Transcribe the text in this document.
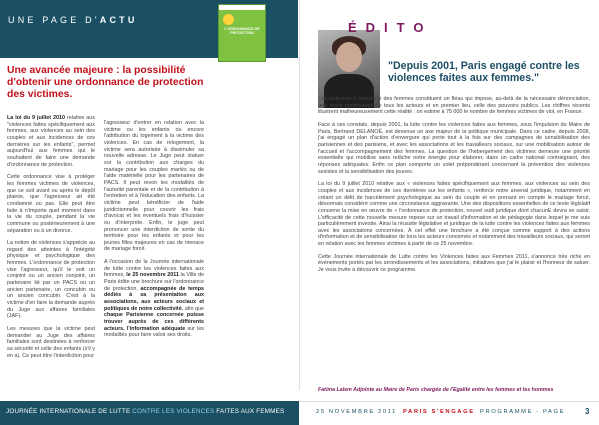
UNE PAGE D'ACTU
L'ORDONNANCE DE PROTECTION
Une avancée majeure : la possibilité d'obtenir une ordonnance de protection des victimes.

La loi du 9 juillet 2010 relative aux "violences faites spécifiquement aux femmes, aux violences au sein des couples et aux incidences de ces dernières sur les enfants", permet aujourd'hui aux femmes qui le souhaitent de faire une demande d'ordonnance de protection.

Cette ordonnance vise à protéger les femmes victimes de violences, que ce soit avant ou après le dépôt plainte, que l'agresseur ait été condamné ou pas. Elle peut être faite à n'importe quel moment dans la vie du couple, pendant la vie commune ou postérieurement à une séparation ou à un divorce.

La notion de violences s'apprécie au regard des atteintes à l'intégrité physique et psychologique des femmes. L'ordonnance de protection vise l'agresseur, qu'il le soit un conjoint ou un ancien conjoint, un partenaire lié par un PACS ou un ancien partenaire, un concubin ou un ancien concubin. C'est à la victime d'en faire la demande auprès du Juge aux affaires familiales (JAF).

Les mesures que la victime peut demander au Juge des affaires familiales sont destinées à renforcer sa sécurité et celle des enfants (s'il y en a). Ce peut être l'interdiction pour

l'agresseur d'entrer en relation avec la victime ou les enfants ou encore l'attribution du logement à la victime des violences. En cas de relogement, la victime sera autorisée à dissimuler sa nouvelle adresse. Le Juge peut statuer sur la contribution aux charges du mariage pour les couples mariés ou de l'aide matérielle pour les partenaires de PACS. Il peut revoir les modalités de l'autorité parentale et de la contribution à l'entretien et à l'éducation des enfants. La victime peut bénéficier de l'aide juridictionnelle pour couvrir les frais d'avocat et les éventuels frais d'huissier ou d'interprète. Enfin, le juge peut prononcer une interdiction de sortie du territoire pour les enfants et pour les jeunes filles majeures en cas de menace de mariage forcé.

A l'occasion de la Journée internationale de lutte contre les violences faites aux femmes, le 25 novembre 2011 la Ville de Paris édite une brochure sur l'ordonnance de protection, accompagnée de temps dédiés à sa présentation aux associations, aux acteurs sociaux et politiques de notre collectivité, afin que chaque Parisienne concernée puisse trouver auprès de ces différents acteurs, l'information adéquate sur les modalités pour faire valoir ses droits.

ÉDITO
"Depuis 2001, Paris engagé contre les violences faites aux femmes."

Les violences à l'encontre des femmes constituent un fléau qui impose, au-delà de la nécessaire dénonciation, une réelle mobilisation de tous les acteurs et en premier lieu, celle des pouvoirs publics. Les chiffres récents illustrent malheureusement cette réalité : on estime à 75 000 le nombre de femmes victimes de viol, en France.

Face à ces constats, depuis 2001, la lutte contre les violences faites aux femmes, sous l'impulsion du Maire de Paris, Bertrand DELANOË, est devenue un axe majeur de la politique municipale. Dans ce cadre, depuis 2008, j'ai engagé un plan d'action d'envergure qui porte tout à la fois sur des campagnes de sensibilisation des parisiennes et des parisiens, et avec les associations et les travailleurs sociaux, sur une mobilisation autour de l'accueil et l'accompagnement des femmes. La question de l'hébergement des victimes demeure une priorité essentielle qui mobilise sans relâche notre énergie pour élaborer, dans un cadre national contraignant, des réponses adéquates. Enfin ce plan comporte un volet prépondérant concernant la prévention des violences sexistes et la sensibilisation des jeunes.

La loi du 9 juillet 2010 relative aux « violences faites spécifiquement aux femmes, aux violences au sein des couples et aux incidences de ces dernières sur les enfants », renforce notre arsenal juridique, notamment en créant un délit de harcèlement psychologique au sein du couple et en prenant en compte le mariage forcé, désormais considéré comme une circonstance aggravante. Une des dispositions essentielles de ce texte législatif concerne la mise en œuvre de « l'ordonnance de protection, nouvel outil juridique dont chacunE devra se saisir. L'efficacité de cette nouvelle mesure repose sur un travail d'information et de pédagogie dans lequel je me suis particulièrement investie. Ainsi la réussite législative et juridique de la lutte contre les violences faites aux femmes avec les associations concernées. À cet effet une brochure a été conçue comme support à des actions d'information et de sensibilisation de tous les acteurs concernés et notamment des travailleurs sociaux, qui seront en relation avec les femmes victimes à partir de ce 25 novembre.

Cette Journée internationale de Lutte contre les Violences faites aux Femmes 2011, s'annonce très riche en événements portés par les arrondissements et les associations, initiatives que j'ai le plaisir et l'honneur de saluer. Je vous invite à découvrir ce programme.

Fatima Lalem Adjointe au Maire de Paris chargée de l'Egalité entre les femmes et les hommes
JOURNÉE INTERNATIONALE DE LUTTE CONTRE LES VIOLENCES FAITES AUX FEMMES	25 NOVEMBRE 2011 PARIS S'ENGAGE PROGRAMME - PAGE 3
